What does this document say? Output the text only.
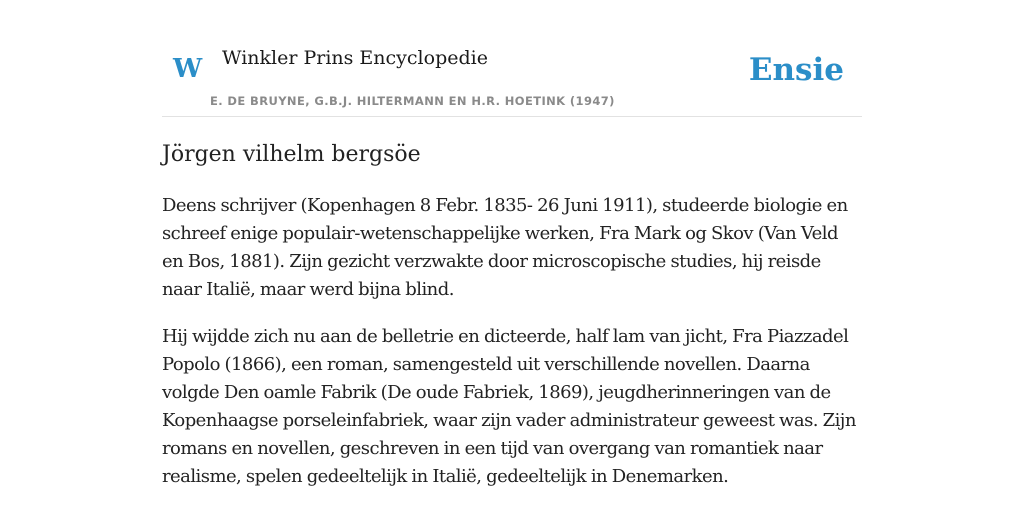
W Winkler Prins Encyclopedie
E. DE BRUYNE, G.B.J. HILTERMANN EN H.R. HOETINK (1947)
Ensie
Jörgen vilhelm bergsöe

Deens schrijver (Kopenhagen 8 Febr. 1835- 26 Juni 1911), studeerde biologie en schreef enige populair-wetenschappelijke werken, Fra Mark og Skov (Van Veld en Bos, 1881). Zijn gezicht verzwakte door microscopische studies, hij reisde naar Italië, maar werd bijna blind.

Hij wijdde zich nu aan de belletrie en dicteerde, half lam van jicht, Fra Piazzadel Popolo (1866), een roman, samengesteld uit verschillende novellen. Daarna volgde Den oamle Fabrik (De oude Fabriek, 1869), jeugdherinneringen van de Kopenhaagse porseleinfabriek, waar zijn vader administrateur geweest was. Zijn romans en novellen, geschreven in een tijd van overgang van romantiek naar realisme, spelen gedeeltelijk in Italië, gedeeltelijk in Denemarken.
